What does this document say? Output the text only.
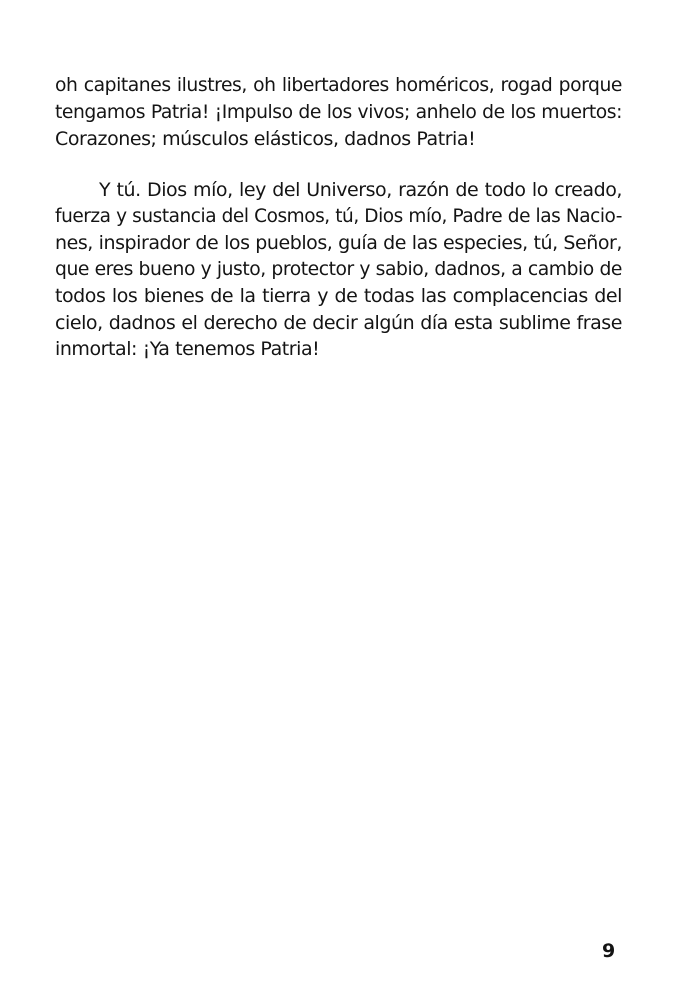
oh capitanes ilustres, oh libertadores homéricos, rogad porque
tengamos Patria! ¡Impulso de los vivos; anhelo de los muertos:
Corazones; músculos elásticos, dadnos Patria!
Y tú. Dios mío, ley del Universo, razón de todo lo creado,
fuerza y sustancia del Cosmos, tú, Dios mío, Padre de las Nacio-
nes, inspirador de los pueblos, guía de las especies, tú, Señor,
que eres bueno y justo, protector y sabio, dadnos, a cambio de
todos los bienes de la tierra y de todas las complacencias del
cielo, dadnos el derecho de decir algún día esta sublime frase
inmortal: ¡Ya tenemos Patria!
9
